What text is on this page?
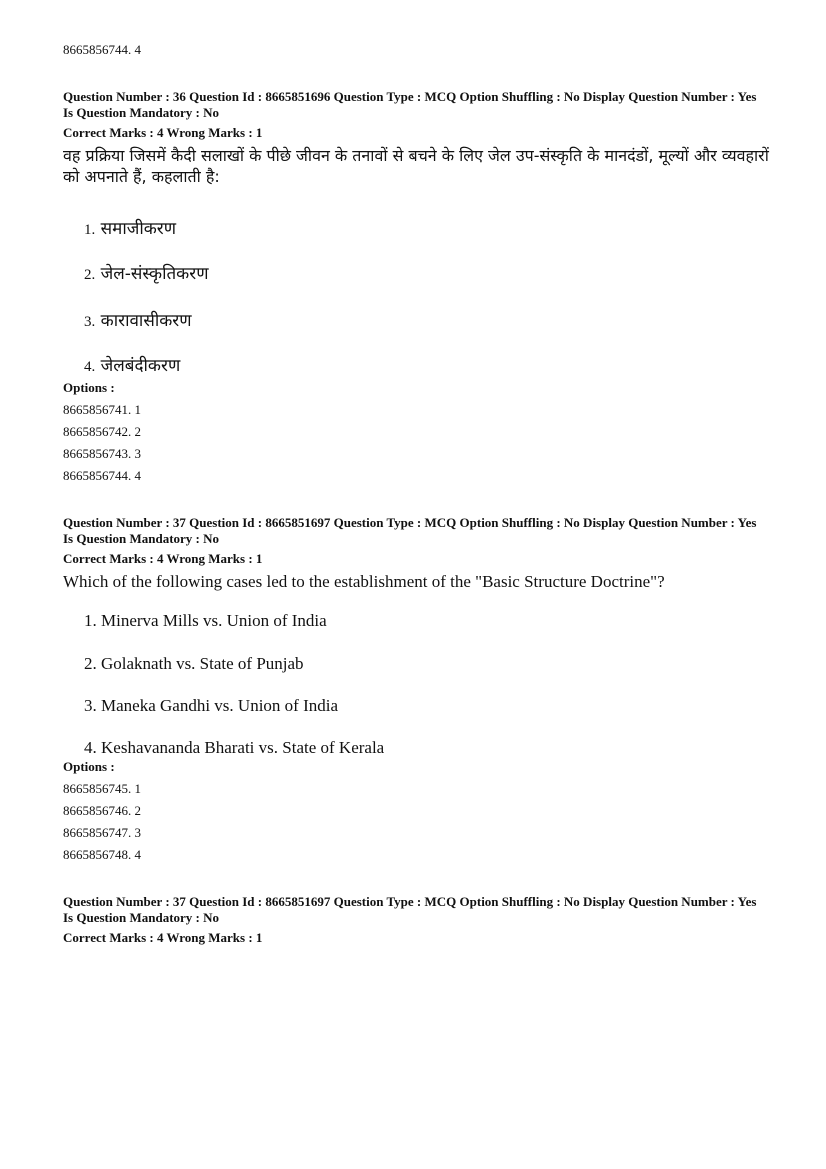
8665856744. 4
Question Number : 36 Question Id : 8665851696 Question Type : MCQ Option Shuffling : No Display Question Number : Yes Is Question Mandatory : No
Correct Marks : 4 Wrong Marks : 1
वह प्रक्रिया जिसमें कैदी सलाखों के पीछे जीवन के तनावों से बचने के लिए जेल उप-संस्कृति के मानदंडों, मूल्यों और व्यवहारों को अपनाते हैं, कहलाती है:
1. समाजीकरण
2. जेल-संस्कृतिकरण
3. कारावासीकरण
4. जेलबंदीकरण
Options :
8665856741. 1
8665856742. 2
8665856743. 3
8665856744. 4
Question Number : 37 Question Id : 8665851697 Question Type : MCQ Option Shuffling : No Display Question Number : Yes Is Question Mandatory : No
Correct Marks : 4 Wrong Marks : 1
Which of the following cases led to the establishment of the "Basic Structure Doctrine"?
1. Minerva Mills vs. Union of India
2. Golaknath vs. State of Punjab
3. Maneka Gandhi vs. Union of India
4. Keshavananda Bharati vs. State of Kerala
Options :
8665856745. 1
8665856746. 2
8665856747. 3
8665856748. 4
Question Number : 37 Question Id : 8665851697 Question Type : MCQ Option Shuffling : No Display Question Number : Yes Is Question Mandatory : No
Correct Marks : 4 Wrong Marks : 1
